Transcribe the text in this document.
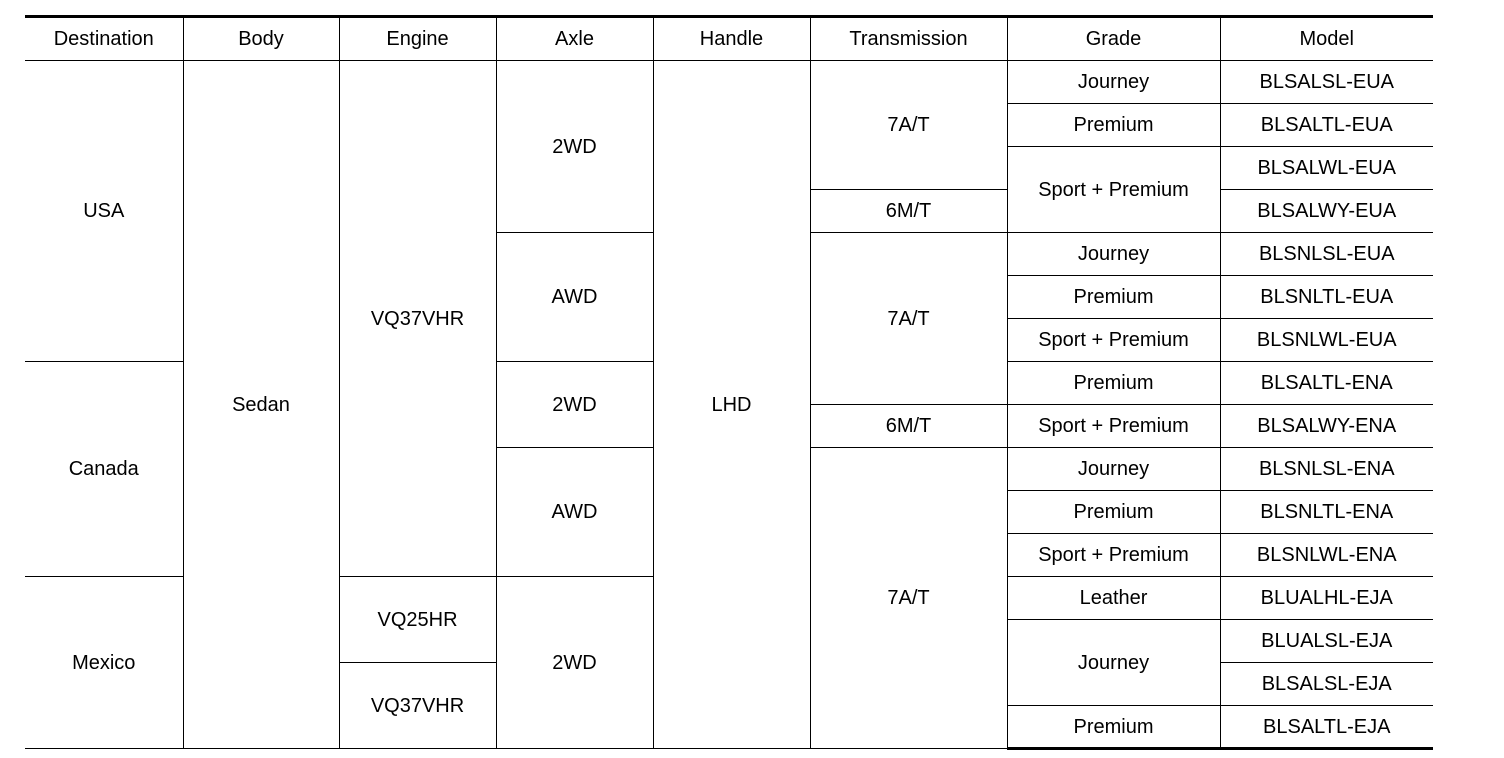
Destination	Body	Engine	Axle	Handle	Transmission	Grade	Model
USA	Sedan	VQ37VHR	2WD	LHD	7A/T	Journey	BLSALSL-EUA
						Premium	BLSALTL-EUA
						Sport + Premium	BLSALWL-EUA
					6M/T		BLSALWY-EUA
			AWD		7A/T	Journey	BLSNLSL-EUA
						Premium	BLSNLTL-EUA
						Sport + Premium	BLSNLWL-EUA
Canada			2WD			Premium	BLSALTL-ENA
					6M/T	Sport + Premium	BLSALWY-ENA
			AWD		7A/T	Journey	BLSNLSL-ENA
						Premium	BLSNLTL-ENA
						Sport + Premium	BLSNLWL-ENA
Mexico		VQ25HR	2WD			Leather	BLUALHL-EJA
						Journey	BLUALSL-EJA
		VQ37VHR					BLSALSL-EJA
						Premium	BLSALTL-EJA
